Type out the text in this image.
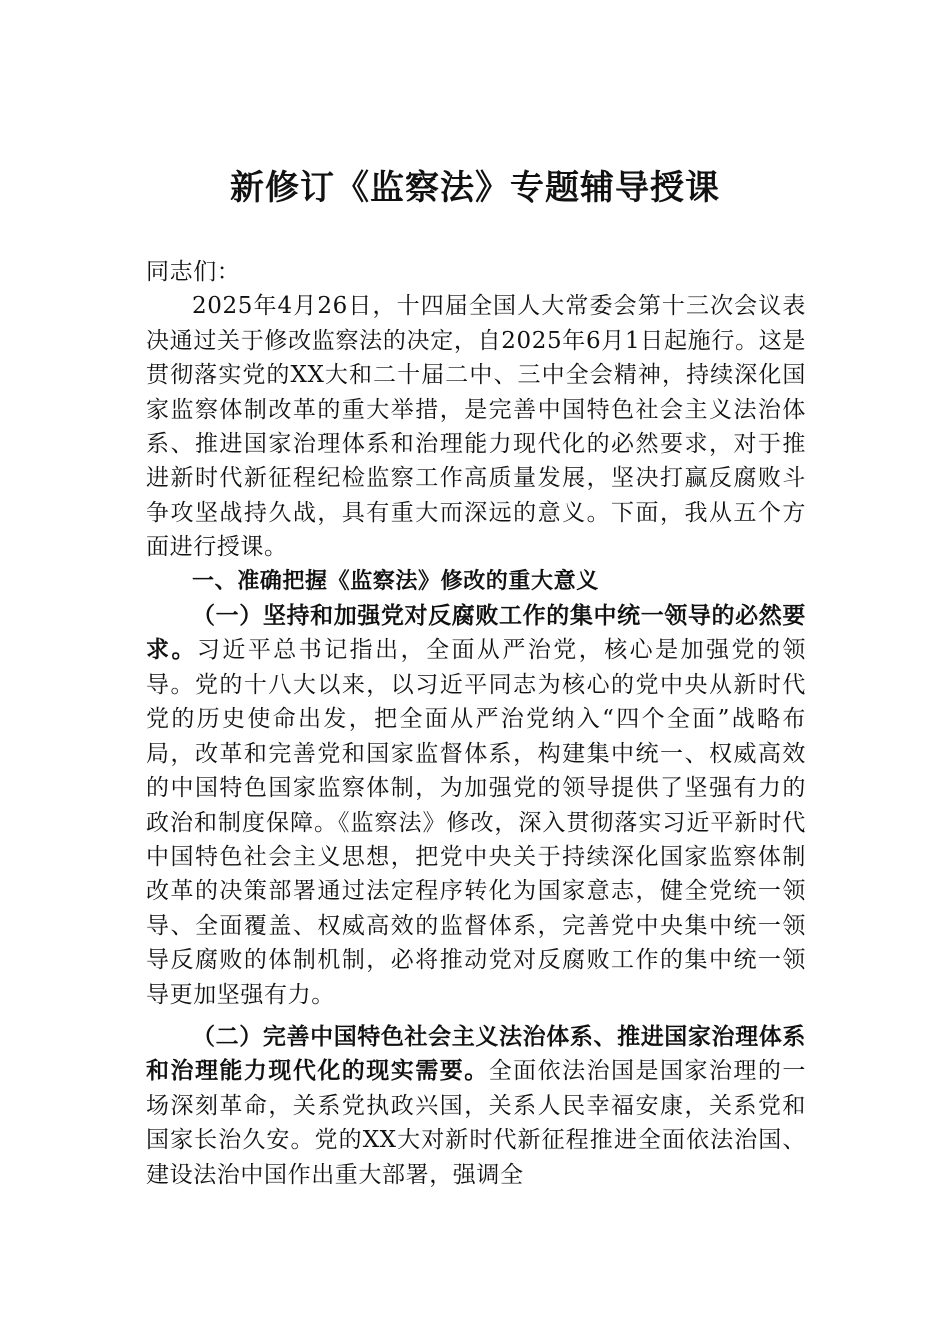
新修订《监察法》专题辅导授课

同志们：

2025年4月26日，十四届全国人大常委会第十三次会议表决通过关于修改监察法的决定，自2025年6月1日起施行。这是贯彻落实党的XX大和二十届二中、三中全会精神，持续深化国家监察体制改革的重大举措，是完善中国特色社会主义法治体系、推进国家治理体系和治理能力现代化的必然要求，对于推进新时代新征程纪检监察工作高质量发展，坚决打赢反腐败斗争攻坚战持久战，具有重大而深远的意义。下面，我从五个方面进行授课。

一、准确把握《监察法》修改的重大意义

（一）坚持和加强党对反腐败工作的集中统一领导的必然要求。习近平总书记指出，全面从严治党，核心是加强党的领导。党的十八大以来，以习近平同志为核心的党中央从新时代党的历史使命出发，把全面从严治党纳入“四个全面”战略布局，改革和完善党和国家监督体系，构建集中统一、权威高效的中国特色国家监察体制，为加强党的领导提供了坚强有力的政治和制度保障。《监察法》修改，深入贯彻落实习近平新时代中国特色社会主义思想，把党中央关于持续深化国家监察体制改革的决策部署通过法定程序转化为国家意志，健全党统一领导、全面覆盖、权威高效的监督体系，完善党中央集中统一领导反腐败的体制机制，必将推动党对反腐败工作的集中统一领导更加坚强有力。

（二）完善中国特色社会主义法治体系、推进国家治理体系和治理能力现代化的现实需要。全面依法治国是国家治理的一场深刻革命，关系党执政兴国，关系人民幸福安康，关系党和国家长治久安。党的XX大对新时代新征程推进全面依法治国、建设法治中国作出重大部署，强调全
